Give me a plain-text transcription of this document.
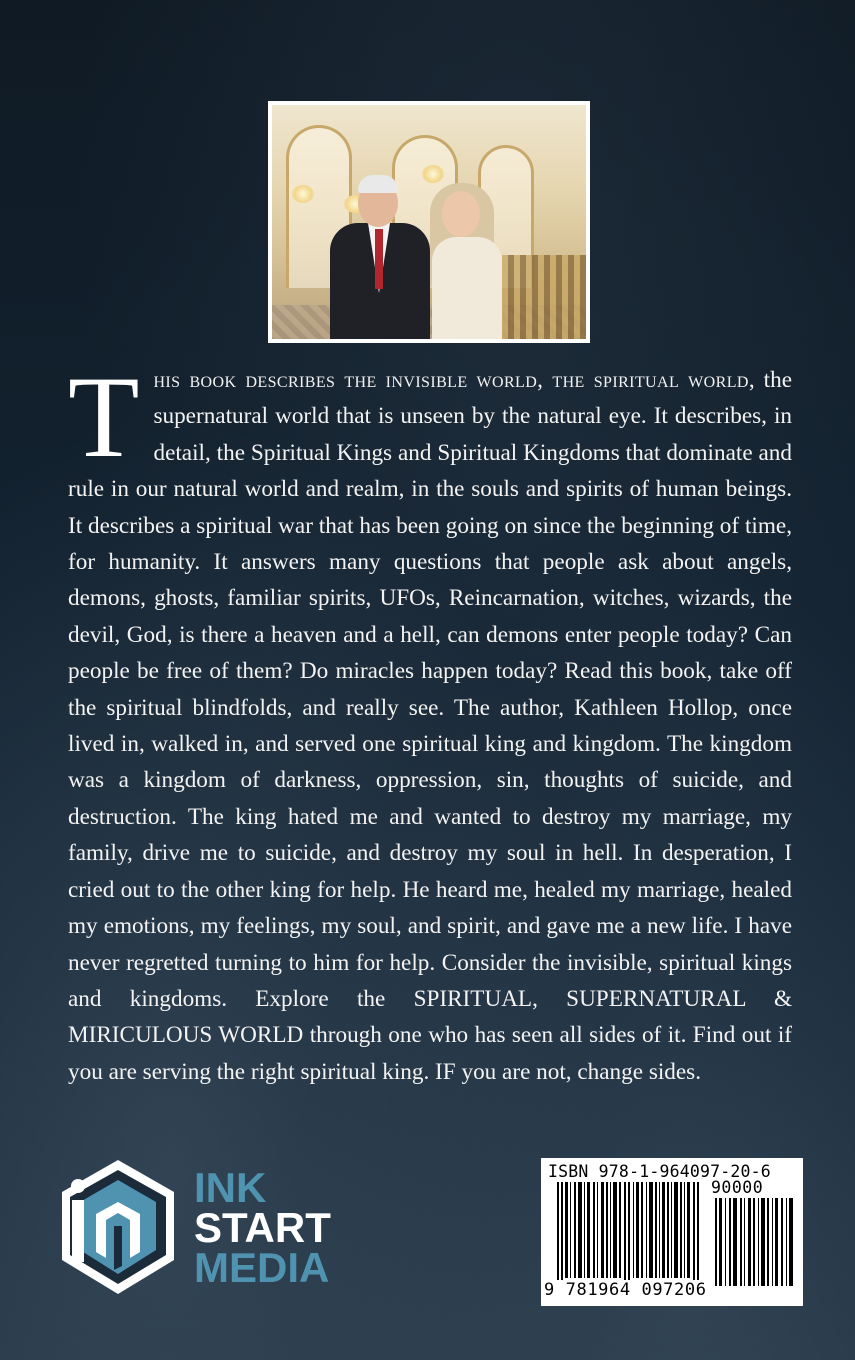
This book describes the invisible world, the spiritual world, the supernatural world that is unseen by the natural eye. It describes, in detail, the Spiritual Kings and Spiritual Kingdoms that dominate and rule in our natural world and realm, in the souls and spirits of human beings. It describes a spiritual war that has been going on since the beginning of time, for humanity. It answers many questions that people ask about angels, demons, ghosts, familiar spirits, UFOs, Reincarnation, witches, wizards, the devil, God, is there a heaven and a hell, can demons enter people today? Can people be free of them? Do miracles happen today? Read this book, take off the spiritual blindfolds, and really see. The author, Kathleen Hollop, once lived in, walked in, and served one spiritual king and kingdom. The kingdom was a kingdom of darkness, oppression, sin, thoughts of suicide, and destruction. The king hated me and wanted to destroy my marriage, my family, drive me to suicide, and destroy my soul in hell. In desperation, I cried out to the other king for help. He heard me, healed my marriage, healed my emotions, my feelings, my soul, and spirit, and gave me a new life. I have never regretted turning to him for help. Consider the invisible, spiritual kings and kingdoms. Explore the SPIRITUAL, SUPERNATURAL & MIRICULOUS WORLD through one who has seen all sides of it. Find out if you are serving the right spiritual king. IF you are not, change sides.

INK
START
MEDIA
ISBN 978-1-964097-20-6
90000
9 781964 097206
